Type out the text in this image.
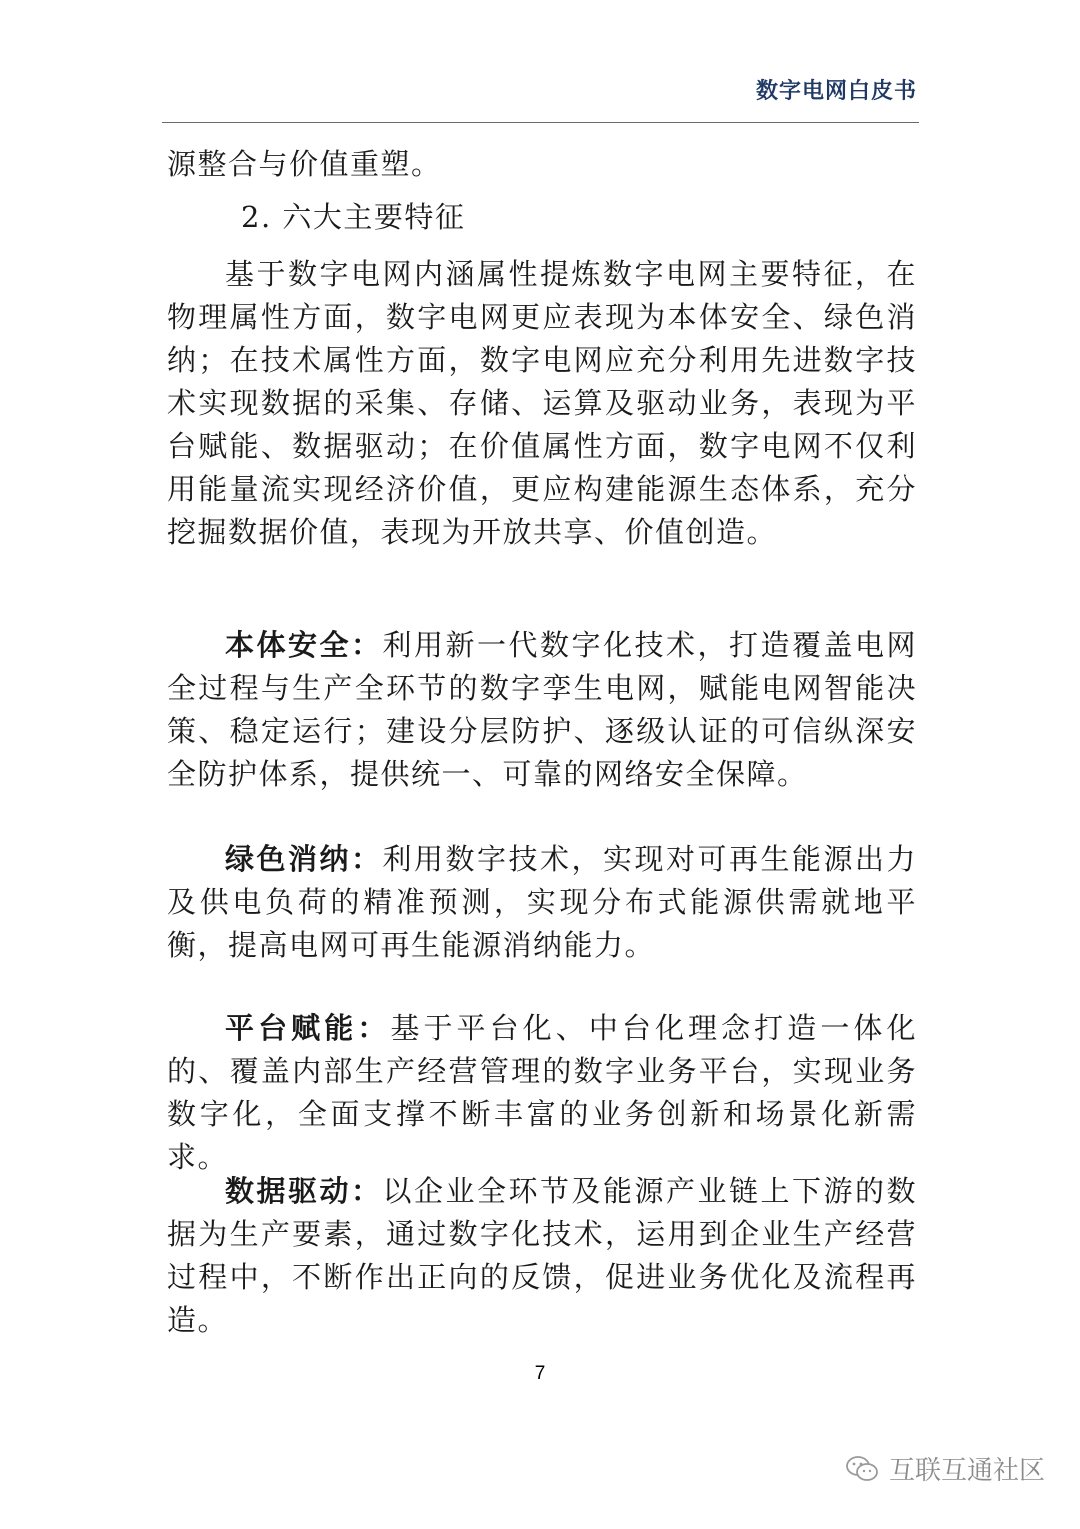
数字电网白皮书

源整合与价值重塑。

2. 六大主要特征

基于数字电网内涵属性提炼数字电网主要特征，在物理属性方面，数字电网更应表现为本体安全、绿色消纳；在技术属性方面，数字电网应充分利用先进数字技术实现数据的采集、存储、运算及驱动业务，表现为平台赋能、数据驱动；在价值属性方面，数字电网不仅利用能量流实现经济价值，更应构建能源生态体系，充分挖掘数据价值，表现为开放共享、价值创造。

本体安全：利用新一代数字化技术，打造覆盖电网全过程与生产全环节的数字孪生电网，赋能电网智能决策、稳定运行；建设分层防护、逐级认证的可信纵深安全防护体系，提供统一、可靠的网络安全保障。

绿色消纳：利用数字技术，实现对可再生能源出力及供电负荷的精准预测，实现分布式能源供需就地平衡，提高电网可再生能源消纳能力。

平台赋能：基于平台化、中台化理念打造一体化的、覆盖内部生产经营管理的数字业务平台，实现业务数字化，全面支撑不断丰富的业务创新和场景化新需求。

数据驱动：以企业全环节及能源产业链上下游的数据为生产要素，通过数字化技术，运用到企业生产经营过程中，不断作出正向的反馈，促进业务优化及流程再造。

7
互联互通社区
